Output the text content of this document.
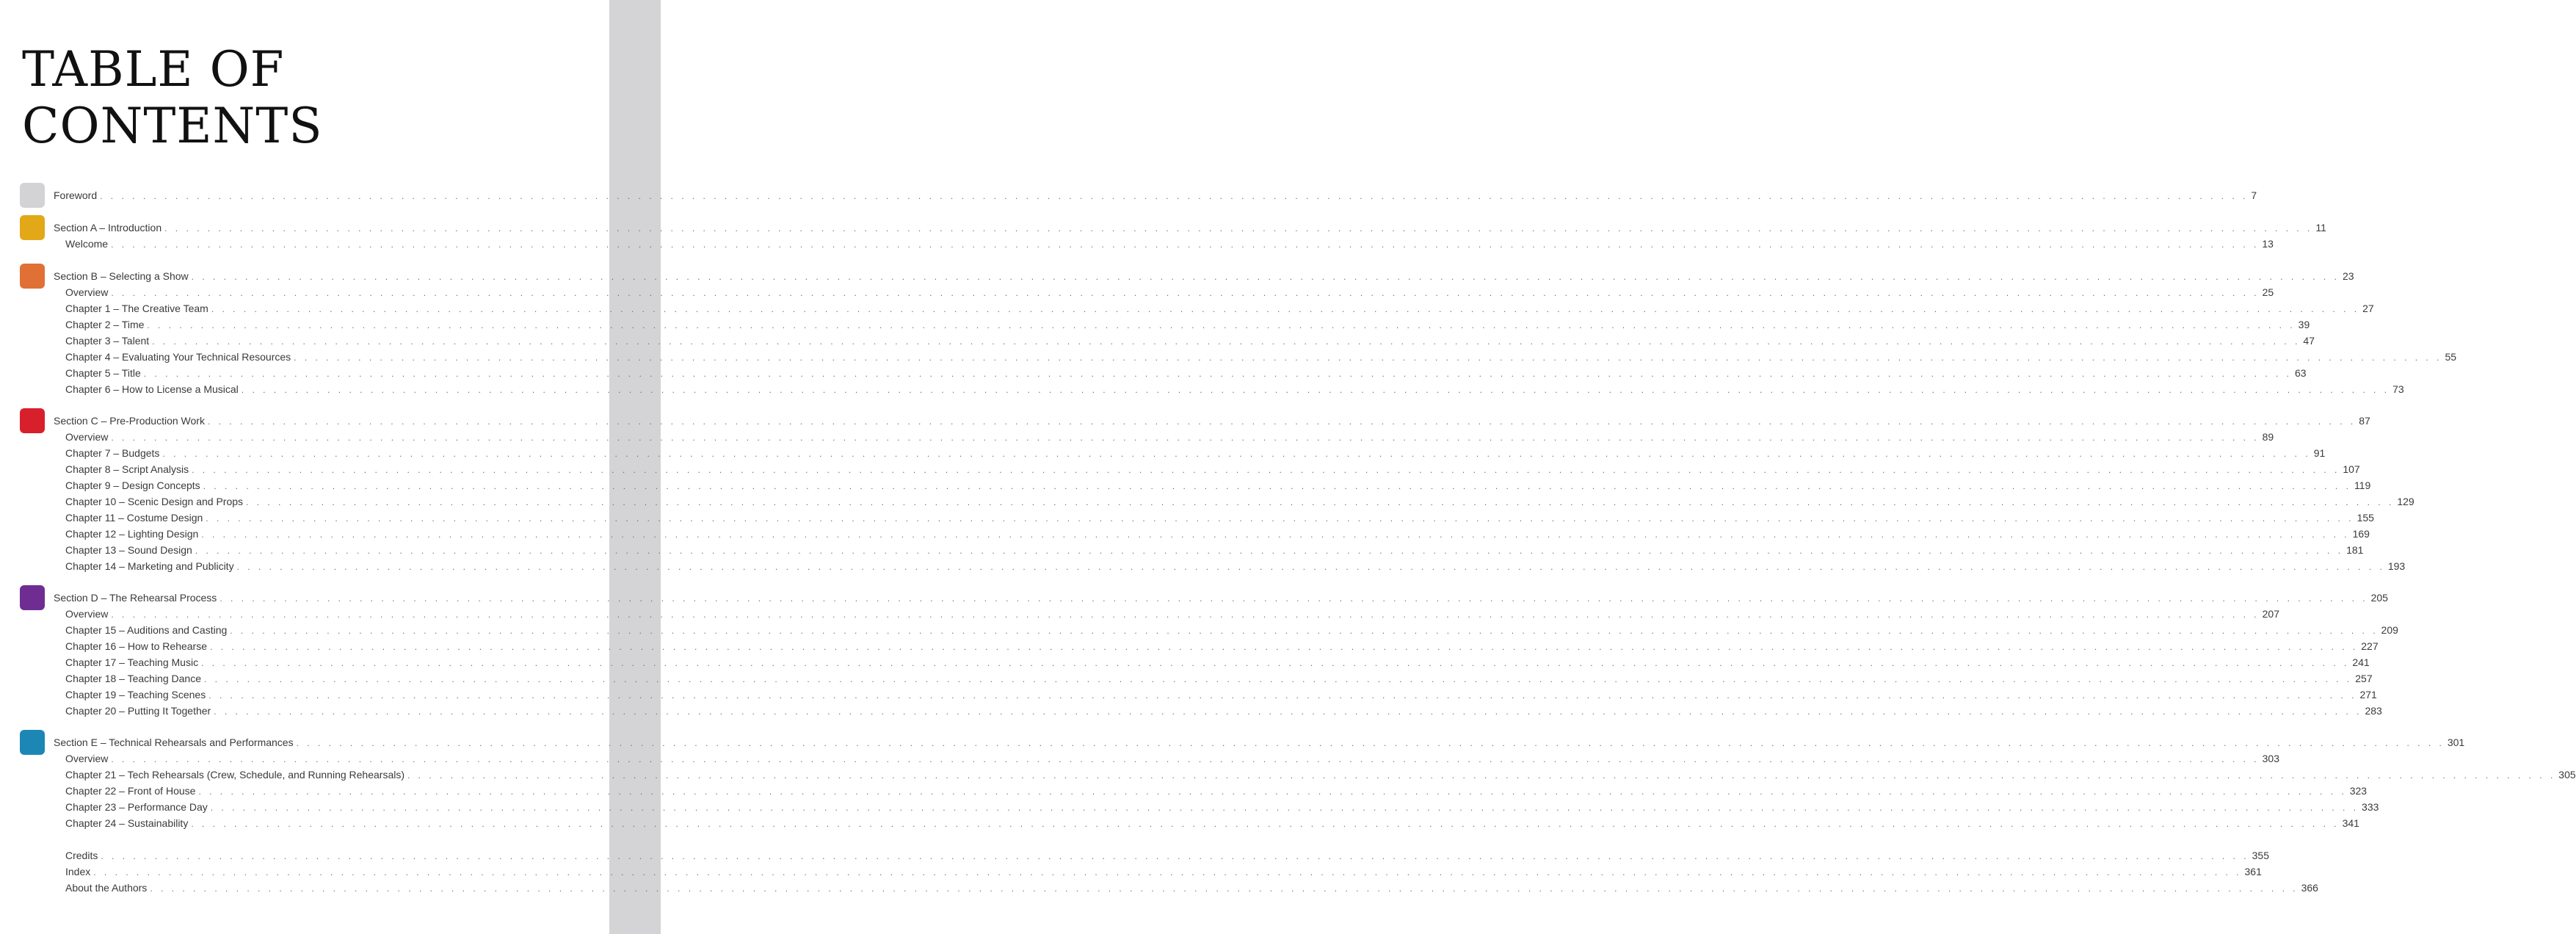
TABLE OF
CONTENTS
Foreword . . . . . . . . . . . . . . . . . . . . . . . . . . . . . . . . . . . . . . . . . . . . . . . . . . . . . . . . . . . . . . . . . . . . . . . . . . . . . . . . . . . . . . . . . . . . . . . . . . . . . . . . . . . . . . . . . . . . . . . . . . . . . . . . . . . . . . . . . . . . . . . . . . . . . . . . . . . . . . . . . . . . . . . . . . . . . . . . . . . . . . . . . . . . . . . . . . . . . . . . 7
Section A – Introduction . . . . . . . . . . . . . . . . . . . . . . . . . . . . . . . . . . . . . . . . . . . . . . . . . . . . . . . . . . . . . . . . . . . . . . . . . . . . . . . . . . . . . . . . . . . . . . . . . . . . . . . . . . . . . . . . . . . . . . . . . . . . . . . . . . . . . . . . . . . . . . . . . . . . . . . . . . . . . . . . . . . . . . . . . . . . . . . . . . . . . . . . . . . . . . . . . . . . . . . . 11
Welcome . . . . . . . . . . . . . . . . . . . . . . . . . . . . . . . . . . . . . . . . . . . . . . . . . . . . . . . . . . . . . . . . . . . . . . . . . . . . . . . . . . . . . . . . . . . . . . . . . . . . . . . . . . . . . . . . . . . . . . . . . . . . . . . . . . . . . . . . . . . . . . . . . . . . . . . . . . . . . . . . . . . . . . . . . . . . . . . . . . . . . . . . . . . . . . . . . . . . . . . . 13
Section B – Selecting a Show . . . . . . . . . . . . . . . . . . . . . . . . . . . . . . . . . . . . . . . . . . . . . . . . . . . . . . . . . . . . . . . . . . . . . . . . . . . . . . . . . . . . . . . . . . . . . . . . . . . . . . . . . . . . . . . . . . . . . . . . . . . . . . . . . . . . . . . . . . . . . . . . . . . . . . . . . . . . . . . . . . . . . . . . . . . . . . . . . . . . . . . . . . . . . . . . . . . . . . . . 23
Overview . . . . . . . . . . . . . . . . . . . . . . . . . . . . . . . . . . . . . . . . . . . . . . . . . . . . . . . . . . . . . . . . . . . . . . . . . . . . . . . . . . . . . . . . . . . . . . . . . . . . . . . . . . . . . . . . . . . . . . . . . . . . . . . . . . . . . . . . . . . . . . . . . . . . . . . . . . . . . . . . . . . . . . . . . . . . . . . . . . . . . . . . . . . . . . . . . . . . . . . . 25
Chapter 1 – The Creative Team . . . . . . . . . . . . . . . . . . . . . . . . . . . . . . . . . . . . . . . . . . . . . . . . . . . . . . . . . . . . . . . . . . . . . . . . . . . . . . . . . . . . . . . . . . . . . . . . . . . . . . . . . . . . . . . . . . . . . . . . . . . . . . . . . . . . . . . . . . . . . . . . . . . . . . . . . . . . . . . . . . . . . . . . . . . . . . . . . . . . . . . . . . . . . . . . . . . . . . . . 27
Chapter 2 – Time . . . . . . . . . . . . . . . . . . . . . . . . . . . . . . . . . . . . . . . . . . . . . . . . . . . . . . . . . . . . . . . . . . . . . . . . . . . . . . . . . . . . . . . . . . . . . . . . . . . . . . . . . . . . . . . . . . . . . . . . . . . . . . . . . . . . . . . . . . . . . . . . . . . . . . . . . . . . . . . . . . . . . . . . . . . . . . . . . . . . . . . . . . . . . . . . . . . . . . . . 39
Chapter 3 – Talent . . . . . . . . . . . . . . . . . . . . . . . . . . . . . . . . . . . . . . . . . . . . . . . . . . . . . . . . . . . . . . . . . . . . . . . . . . . . . . . . . . . . . . . . . . . . . . . . . . . . . . . . . . . . . . . . . . . . . . . . . . . . . . . . . . . . . . . . . . . . . . . . . . . . . . . . . . . . . . . . . . . . . . . . . . . . . . . . . . . . . . . . . . . . . . . . . . . . . . . . 47
Chapter 4 – Evaluating Your Technical Resources . . . . . . . . . . . . . . . . . . . . . . . . . . . . . . . . . . . . . . . . . . . . . . . . . . . . . . . . . . . . . . . . . . . . . . . . . . . . . . . . . . . . . . . . . . . . . . . . . . . . . . . . . . . . . . . . . . . . . . . . . . . . . . . . . . . . . . . . . . . . . . . . . . . . . . . . . . . . . . . . . . . . . . . . . . . . . . . . . . . . . . . . . . . . . . . . . . . . . . . . 55
Chapter 5 – Title . . . . . . . . . . . . . . . . . . . . . . . . . . . . . . . . . . . . . . . . . . . . . . . . . . . . . . . . . . . . . . . . . . . . . . . . . . . . . . . . . . . . . . . . . . . . . . . . . . . . . . . . . . . . . . . . . . . . . . . . . . . . . . . . . . . . . . . . . . . . . . . . . . . . . . . . . . . . . . . . . . . . . . . . . . . . . . . . . . . . . . . . . . . . . . . . . . . . . . . . 63
Chapter 6 – How to License a Musical . . . . . . . . . . . . . . . . . . . . . . . . . . . . . . . . . . . . . . . . . . . . . . . . . . . . . . . . . . . . . . . . . . . . . . . . . . . . . . . . . . . . . . . . . . . . . . . . . . . . . . . . . . . . . . . . . . . . . . . . . . . . . . . . . . . . . . . . . . . . . . . . . . . . . . . . . . . . . . . . . . . . . . . . . . . . . . . . . . . . . . . . . . . . . . . . . . . . . . . . 73
Section C – Pre-Production Work . . . . . . . . . . . . . . . . . . . . . . . . . . . . . . . . . . . . . . . . . . . . . . . . . . . . . . . . . . . . . . . . . . . . . . . . . . . . . . . . . . . . . . . . . . . . . . . . . . . . . . . . . . . . . . . . . . . . . . . . . . . . . . . . . . . . . . . . . . . . . . . . . . . . . . . . . . . . . . . . . . . . . . . . . . . . . . . . . . . . . . . . . . . . . . . . . . . . . . . . 87
Overview . . . . . . . . . . . . . . . . . . . . . . . . . . . . . . . . . . . . . . . . . . . . . . . . . . . . . . . . . . . . . . . . . . . . . . . . . . . . . . . . . . . . . . . . . . . . . . . . . . . . . . . . . . . . . . . . . . . . . . . . . . . . . . . . . . . . . . . . . . . . . . . . . . . . . . . . . . . . . . . . . . . . . . . . . . . . . . . . . . . . . . . . . . . . . . . . . . . . . . . . 89
Chapter 7 – Budgets . . . . . . . . . . . . . . . . . . . . . . . . . . . . . . . . . . . . . . . . . . . . . . . . . . . . . . . . . . . . . . . . . . . . . . . . . . . . . . . . . . . . . . . . . . . . . . . . . . . . . . . . . . . . . . . . . . . . . . . . . . . . . . . . . . . . . . . . . . . . . . . . . . . . . . . . . . . . . . . . . . . . . . . . . . . . . . . . . . . . . . . . . . . . . . . . . . . . . . . . 91
Chapter 8 – Script Analysis . . . . . . . . . . . . . . . . . . . . . . . . . . . . . . . . . . . . . . . . . . . . . . . . . . . . . . . . . . . . . . . . . . . . . . . . . . . . . . . . . . . . . . . . . . . . . . . . . . . . . . . . . . . . . . . . . . . . . . . . . . . . . . . . . . . . . . . . . . . . . . . . . . . . . . . . . . . . . . . . . . . . . . . . . . . . . . . . . . . . . . . . . . . . . . . . . . . . . . . . 107
Chapter 9 – Design Concepts . . . . . . . . . . . . . . . . . . . . . . . . . . . . . . . . . . . . . . . . . . . . . . . . . . . . . . . . . . . . . . . . . . . . . . . . . . . . . . . . . . . . . . . . . . . . . . . . . . . . . . . . . . . . . . . . . . . . . . . . . . . . . . . . . . . . . . . . . . . . . . . . . . . . . . . . . . . . . . . . . . . . . . . . . . . . . . . . . . . . . . . . . . . . . . . . . . . . . . . . 119
Chapter 10 – Scenic Design and Props . . . . . . . . . . . . . . . . . . . . . . . . . . . . . . . . . . . . . . . . . . . . . . . . . . . . . . . . . . . . . . . . . . . . . . . . . . . . . . . . . . . . . . . . . . . . . . . . . . . . . . . . . . . . . . . . . . . . . . . . . . . . . . . . . . . . . . . . . . . . . . . . . . . . . . . . . . . . . . . . . . . . . . . . . . . . . . . . . . . . . . . . . . . . . . . . . . . . . . . . 129
Chapter 11 – Costume Design . . . . . . . . . . . . . . . . . . . . . . . . . . . . . . . . . . . . . . . . . . . . . . . . . . . . . . . . . . . . . . . . . . . . . . . . . . . . . . . . . . . . . . . . . . . . . . . . . . . . . . . . . . . . . . . . . . . . . . . . . . . . . . . . . . . . . . . . . . . . . . . . . . . . . . . . . . . . . . . . . . . . . . . . . . . . . . . . . . . . . . . . . . . . . . . . . . . . . . . . 155
Chapter 12 – Lighting Design . . . . . . . . . . . . . . . . . . . . . . . . . . . . . . . . . . . . . . . . . . . . . . . . . . . . . . . . . . . . . . . . . . . . . . . . . . . . . . . . . . . . . . . . . . . . . . . . . . . . . . . . . . . . . . . . . . . . . . . . . . . . . . . . . . . . . . . . . . . . . . . . . . . . . . . . . . . . . . . . . . . . . . . . . . . . . . . . . . . . . . . . . . . . . . . . . . . . . . . . 169
Chapter 13 – Sound Design . . . . . . . . . . . . . . . . . . . . . . . . . . . . . . . . . . . . . . . . . . . . . . . . . . . . . . . . . . . . . . . . . . . . . . . . . . . . . . . . . . . . . . . . . . . . . . . . . . . . . . . . . . . . . . . . . . . . . . . . . . . . . . . . . . . . . . . . . . . . . . . . . . . . . . . . . . . . . . . . . . . . . . . . . . . . . . . . . . . . . . . . . . . . . . . . . . . . . . . . 181
Chapter 14 – Marketing and Publicity . . . . . . . . . . . . . . . . . . . . . . . . . . . . . . . . . . . . . . . . . . . . . . . . . . . . . . . . . . . . . . . . . . . . . . . . . . . . . . . . . . . . . . . . . . . . . . . . . . . . . . . . . . . . . . . . . . . . . . . . . . . . . . . . . . . . . . . . . . . . . . . . . . . . . . . . . . . . . . . . . . . . . . . . . . . . . . . . . . . . . . . . . . . . . . . . . . . . . . . . 193
Section D – The Rehearsal Process . . . . . . . . . . . . . . . . . . . . . . . . . . . . . . . . . . . . . . . . . . . . . . . . . . . . . . . . . . . . . . . . . . . . . . . . . . . . . . . . . . . . . . . . . . . . . . . . . . . . . . . . . . . . . . . . . . . . . . . . . . . . . . . . . . . . . . . . . . . . . . . . . . . . . . . . . . . . . . . . . . . . . . . . . . . . . . . . . . . . . . . . . . . . . . . . . . . . . . . . 205
Overview . . . . . . . . . . . . . . . . . . . . . . . . . . . . . . . . . . . . . . . . . . . . . . . . . . . . . . . . . . . . . . . . . . . . . . . . . . . . . . . . . . . . . . . . . . . . . . . . . . . . . . . . . . . . . . . . . . . . . . . . . . . . . . . . . . . . . . . . . . . . . . . . . . . . . . . . . . . . . . . . . . . . . . . . . . . . . . . . . . . . . . . . . . . . . . . . . . . . . . . . 207
Chapter 15 – Auditions and Casting . . . . . . . . . . . . . . . . . . . . . . . . . . . . . . . . . . . . . . . . . . . . . . . . . . . . . . . . . . . . . . . . . . . . . . . . . . . . . . . . . . . . . . . . . . . . . . . . . . . . . . . . . . . . . . . . . . . . . . . . . . . . . . . . . . . . . . . . . . . . . . . . . . . . . . . . . . . . . . . . . . . . . . . . . . . . . . . . . . . . . . . . . . . . . . . . . . . . . . . . 209
Chapter 16 – How to Rehearse . . . . . . . . . . . . . . . . . . . . . . . . . . . . . . . . . . . . . . . . . . . . . . . . . . . . . . . . . . . . . . . . . . . . . . . . . . . . . . . . . . . . . . . . . . . . . . . . . . . . . . . . . . . . . . . . . . . . . . . . . . . . . . . . . . . . . . . . . . . . . . . . . . . . . . . . . . . . . . . . . . . . . . . . . . . . . . . . . . . . . . . . . . . . . . . . . . . . . . . . 227
Chapter 17 – Teaching Music . . . . . . . . . . . . . . . . . . . . . . . . . . . . . . . . . . . . . . . . . . . . . . . . . . . . . . . . . . . . . . . . . . . . . . . . . . . . . . . . . . . . . . . . . . . . . . . . . . . . . . . . . . . . . . . . . . . . . . . . . . . . . . . . . . . . . . . . . . . . . . . . . . . . . . . . . . . . . . . . . . . . . . . . . . . . . . . . . . . . . . . . . . . . . . . . . . . . . . . . 241
Chapter 18 – Teaching Dance . . . . . . . . . . . . . . . . . . . . . . . . . . . . . . . . . . . . . . . . . . . . . . . . . . . . . . . . . . . . . . . . . . . . . . . . . . . . . . . . . . . . . . . . . . . . . . . . . . . . . . . . . . . . . . . . . . . . . . . . . . . . . . . . . . . . . . . . . . . . . . . . . . . . . . . . . . . . . . . . . . . . . . . . . . . . . . . . . . . . . . . . . . . . . . . . . . . . . . . . 257
Chapter 19 – Teaching Scenes . . . . . . . . . . . . . . . . . . . . . . . . . . . . . . . . . . . . . . . . . . . . . . . . . . . . . . . . . . . . . . . . . . . . . . . . . . . . . . . . . . . . . . . . . . . . . . . . . . . . . . . . . . . . . . . . . . . . . . . . . . . . . . . . . . . . . . . . . . . . . . . . . . . . . . . . . . . . . . . . . . . . . . . . . . . . . . . . . . . . . . . . . . . . . . . . . . . . . . . . 271
Chapter 20 – Putting It Together . . . . . . . . . . . . . . . . . . . . . . . . . . . . . . . . . . . . . . . . . . . . . . . . . . . . . . . . . . . . . . . . . . . . . . . . . . . . . . . . . . . . . . . . . . . . . . . . . . . . . . . . . . . . . . . . . . . . . . . . . . . . . . . . . . . . . . . . . . . . . . . . . . . . . . . . . . . . . . . . . . . . . . . . . . . . . . . . . . . . . . . . . . . . . . . . . . . . . . . . 283
Section E – Technical Rehearsals and Performances . . . . . . . . . . . . . . . . . . . . . . . . . . . . . . . . . . . . . . . . . . . . . . . . . . . . . . . . . . . . . . . . . . . . . . . . . . . . . . . . . . . . . . . . . . . . . . . . . . . . . . . . . . . . . . . . . . . . . . . . . . . . . . . . . . . . . . . . . . . . . . . . . . . . . . . . . . . . . . . . . . . . . . . . . . . . . . . . . . . . . . . . . . . . . . . . . . . . . . . . 301
Overview . . . . . . . . . . . . . . . . . . . . . . . . . . . . . . . . . . . . . . . . . . . . . . . . . . . . . . . . . . . . . . . . . . . . . . . . . . . . . . . . . . . . . . . . . . . . . . . . . . . . . . . . . . . . . . . . . . . . . . . . . . . . . . . . . . . . . . . . . . . . . . . . . . . . . . . . . . . . . . . . . . . . . . . . . . . . . . . . . . . . . . . . . . . . . . . . . . . . . . . . 303
Chapter 21 – Tech Rehearsals (Crew, Schedule, and Running Rehearsals) . . . . . . . . . . . . . . . . . . . . . . . . . . . . . . . . . . . . . . . . . . . . . . . . . . . . . . . . . . . . . . . . . . . . . . . . . . . . . . . . . . . . . . . . . . . . . . . . . . . . . . . . . . . . . . . . . . . . . . . . . . . . . . . . . . . . . . . . . . . . . . . . . . . . . . . . . . . . . . . . . . . . . . . . . . . . . . . . . . . . . . . . . . . . . . . . . . . . . . . . 305
Chapter 22 – Front of House . . . . . . . . . . . . . . . . . . . . . . . . . . . . . . . . . . . . . . . . . . . . . . . . . . . . . . . . . . . . . . . . . . . . . . . . . . . . . . . . . . . . . . . . . . . . . . . . . . . . . . . . . . . . . . . . . . . . . . . . . . . . . . . . . . . . . . . . . . . . . . . . . . . . . . . . . . . . . . . . . . . . . . . . . . . . . . . . . . . . . . . . . . . . . . . . . . . . . . . . 323
Chapter 23 – Performance Day . . . . . . . . . . . . . . . . . . . . . . . . . . . . . . . . . . . . . . . . . . . . . . . . . . . . . . . . . . . . . . . . . . . . . . . . . . . . . . . . . . . . . . . . . . . . . . . . . . . . . . . . . . . . . . . . . . . . . . . . . . . . . . . . . . . . . . . . . . . . . . . . . . . . . . . . . . . . . . . . . . . . . . . . . . . . . . . . . . . . . . . . . . . . . . . . . . . . . . . . 333
Chapter 24 – Sustainability . . . . . . . . . . . . . . . . . . . . . . . . . . . . . . . . . . . . . . . . . . . . . . . . . . . . . . . . . . . . . . . . . . . . . . . . . . . . . . . . . . . . . . . . . . . . . . . . . . . . . . . . . . . . . . . . . . . . . . . . . . . . . . . . . . . . . . . . . . . . . . . . . . . . . . . . . . . . . . . . . . . . . . . . . . . . . . . . . . . . . . . . . . . . . . . . . . . . . . . . 341
Credits . . . . . . . . . . . . . . . . . . . . . . . . . . . . . . . . . . . . . . . . . . . . . . . . . . . . . . . . . . . . . . . . . . . . . . . . . . . . . . . . . . . . . . . . . . . . . . . . . . . . . . . . . . . . . . . . . . . . . . . . . . . . . . . . . . . . . . . . . . . . . . . . . . . . . . . . . . . . . . . . . . . . . . . . . . . . . . . . . . . . . . . . . . . . . . . . . . . . . . . . 355
Index . . . . . . . . . . . . . . . . . . . . . . . . . . . . . . . . . . . . . . . . . . . . . . . . . . . . . . . . . . . . . . . . . . . . . . . . . . . . . . . . . . . . . . . . . . . . . . . . . . . . . . . . . . . . . . . . . . . . . . . . . . . . . . . . . . . . . . . . . . . . . . . . . . . . . . . . . . . . . . . . . . . . . . . . . . . . . . . . . . . . . . . . . . . . . . . . . . . . . . . . 361
About the Authors . . . . . . . . . . . . . . . . . . . . . . . . . . . . . . . . . . . . . . . . . . . . . . . . . . . . . . . . . . . . . . . . . . . . . . . . . . . . . . . . . . . . . . . . . . . . . . . . . . . . . . . . . . . . . . . . . . . . . . . . . . . . . . . . . . . . . . . . . . . . . . . . . . . . . . . . . . . . . . . . . . . . . . . . . . . . . . . . . . . . . . . . . . . . . . . . . . . . . . . . 366
